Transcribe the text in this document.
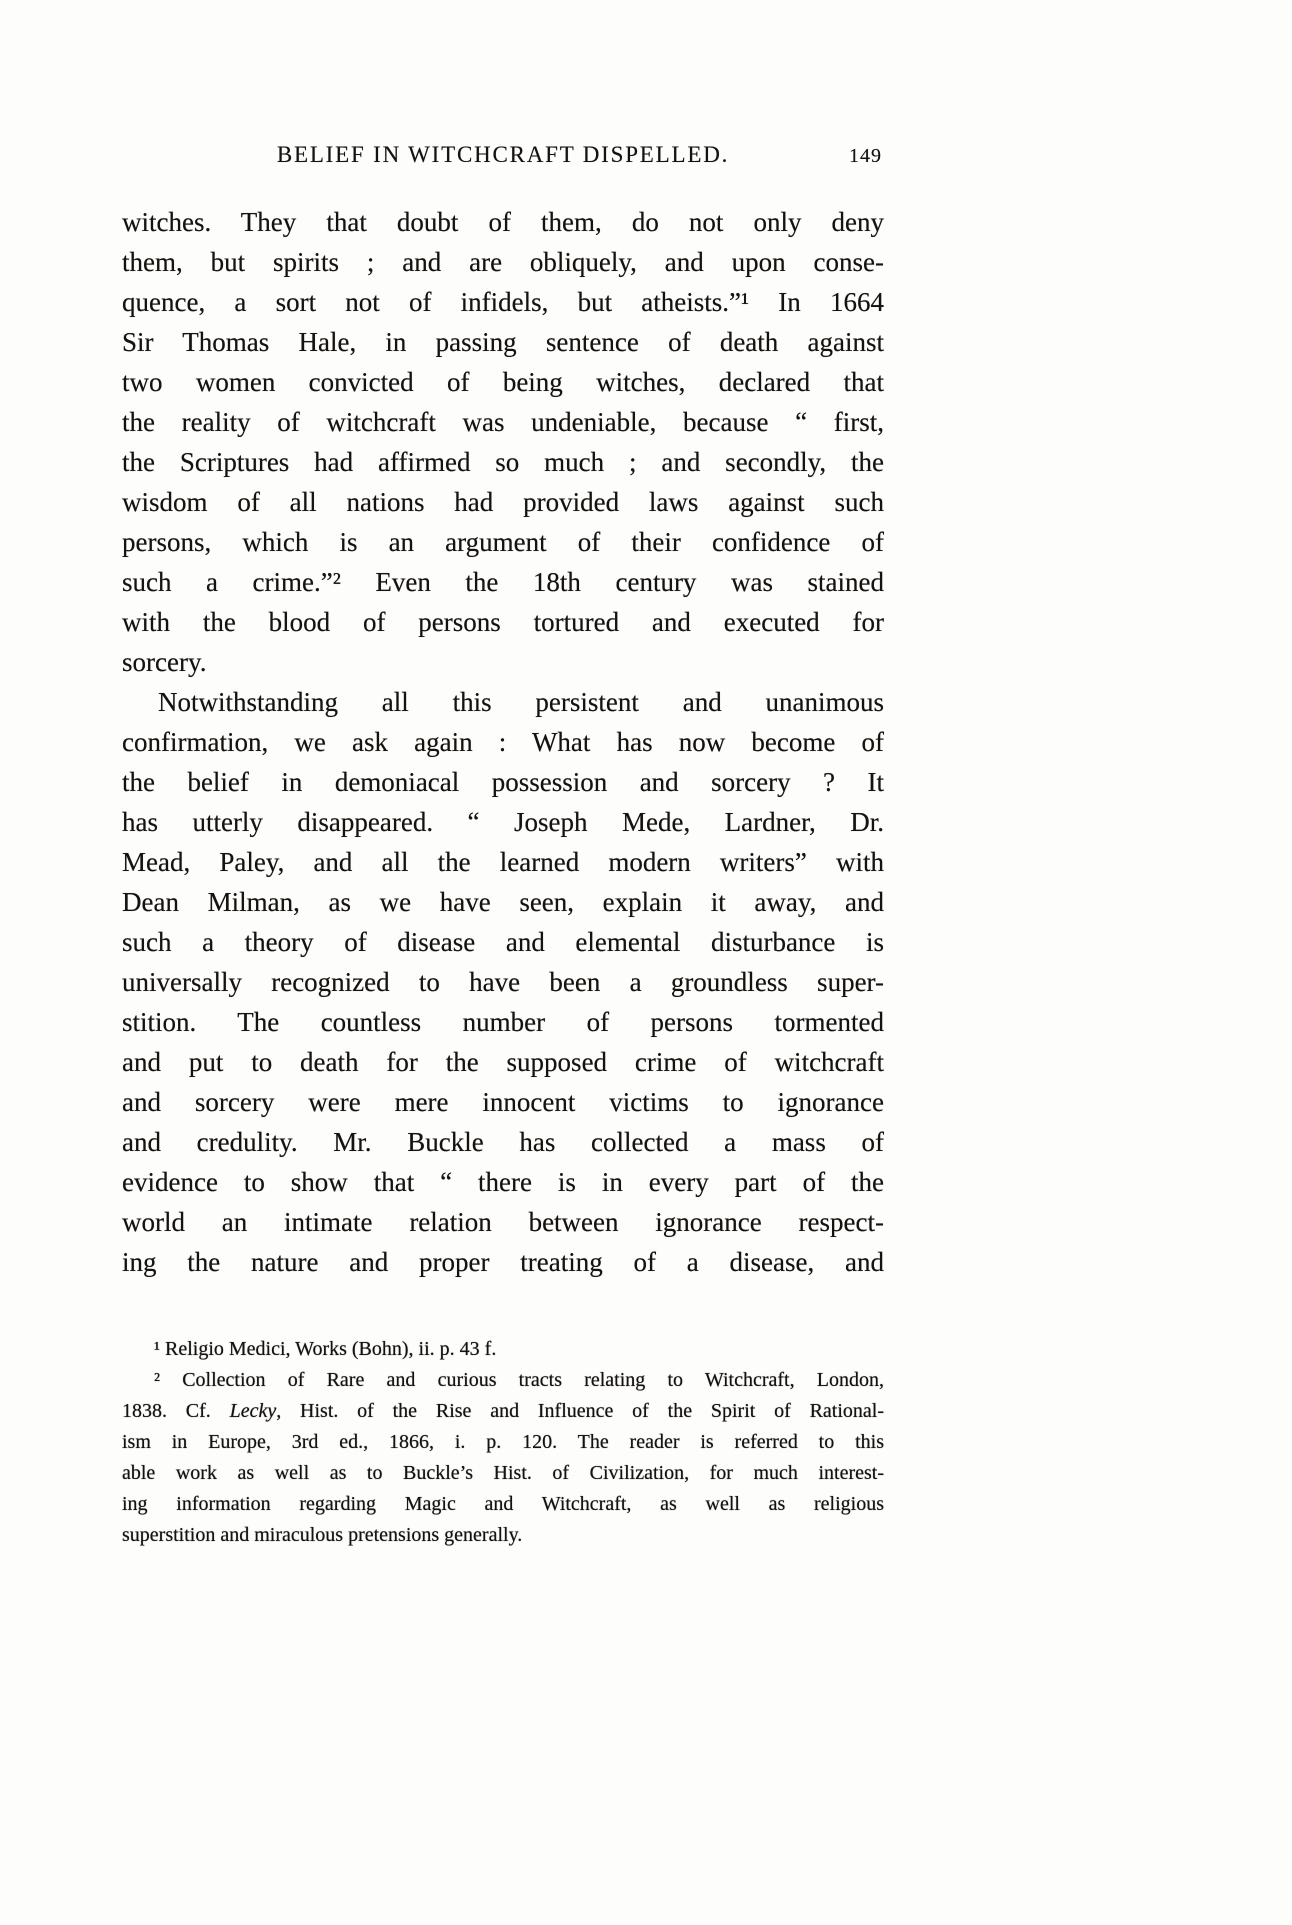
BELIEF IN WITCHCRAFT DISPELLED.	149
witches. They that doubt of them, do not only deny
them, but spirits ; and are obliquely, and upon conse-
quence, a sort not of infidels, but atheists.”¹ In 1664
Sir Thomas Hale, in passing sentence of death against
two women convicted of being witches, declared that
the reality of witchcraft was undeniable, because “ first,
the Scriptures had affirmed so much ; and secondly, the
wisdom of all nations had provided laws against such
persons, which is an argument of their confidence of
such a crime.”² Even the 18th century was stained
with the blood of persons tortured and executed for
sorcery.
Notwithstanding all this persistent and unanimous
confirmation, we ask again : What has now become of
the belief in demoniacal possession and sorcery ? It
has utterly disappeared. “ Joseph Mede, Lardner, Dr.
Mead, Paley, and all the learned modern writers” with
Dean Milman, as we have seen, explain it away, and
such a theory of disease and elemental disturbance is
universally recognized to have been a groundless super-
stition. The countless number of persons tormented
and put to death for the supposed crime of witchcraft
and sorcery were mere innocent victims to ignorance
and credulity. Mr. Buckle has collected a mass of
evidence to show that “ there is in every part of the
world an intimate relation between ignorance respect-
ing the nature and proper treating of a disease, and
¹ Religio Medici, Works (Bohn), ii. p. 43 f.
² Collection of Rare and curious tracts relating to Witchcraft, London,
1838. Cf. Lecky, Hist. of the Rise and Influence of the Spirit of Rational-
ism in Europe, 3rd ed., 1866, i. p. 120. The reader is referred to this
able work as well as to Buckle’s Hist. of Civilization, for much interest-
ing information regarding Magic and Witchcraft, as well as religious
superstition and miraculous pretensions generally.
